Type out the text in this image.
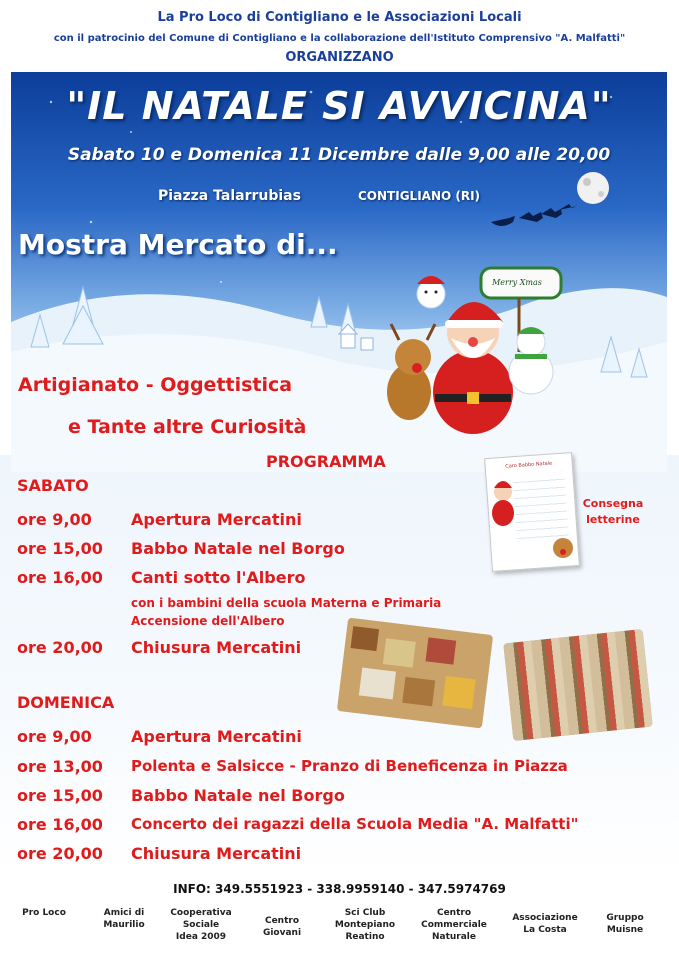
La Pro Loco di Contigliano e le Associazioni Locali
con il patrocinio del Comune di Contigliano e la collaborazione dell'Istituto Comprensivo "A. Malfatti"
ORGANIZZANO
"IL NATALE SI AVVICINA"
Sabato 10 e Domenica 11 Dicembre dalle 9,00 alle 20,00
Piazza Talarrubias	CONTIGLIANO (RI)
Merry Xmas
Mostra Mercato di...
Artigianato - Oggettistica
e Tante altre Curiosità
PROGRAMMA	Caro Babbo Natale
Consegna
letterine
SABATO
ore 9,00 Apertura Mercatini
ore 15,00 Babbo Natale nel Borgo
ore 16,00 Canti sotto l'Albero
con i bambini della scuola Materna e Primaria
Accensione dell'Albero
ore 20,00 Chiusura Mercatini
DOMENICA
ore 9,00 Apertura Mercatini
ore 13,00 Polenta e Salsicce - Pranzo di Beneficenza in Piazza
ore 15,00 Babbo Natale nel Borgo
ore 16,00 Concerto dei ragazzi della Scuola Media "A. Malfatti"
ore 20,00 Chiusura Mercatini
INFO: 349.5551923 - 338.9959140 - 347.5974769
Pro Loco	Amici di
Maurilio
Cooperativa
Sociale
Idea 2009
Centro
Giovani
Sci Club
Montepiano
Reatino
Centro
Commerciale
Naturale
Associazione
La Costa
Gruppo
Muisne
